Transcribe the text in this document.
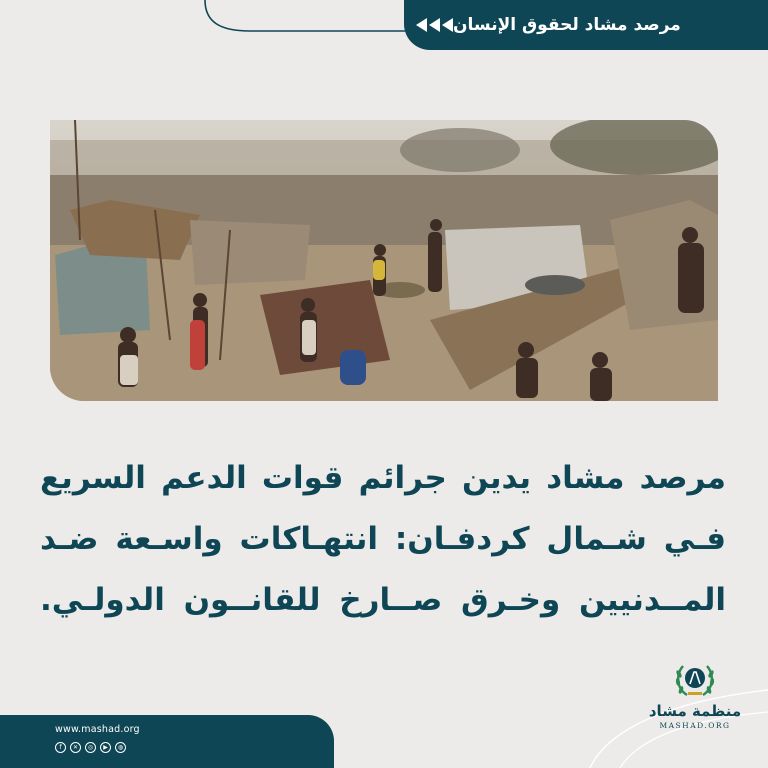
مرصد مشاد لحقوق الإنسان
مرصد مشاد يدين جرائم قوات الدعم السريع
فـي شـمال كردفـان: انتهـاكات واسـعة ضـد
المــدنيين وخـرق صــارخ للقانــون الدولـي.
www.mashad.org
f	✕	◎	▶	◍
منظمة مشاد
MASHAD.ORG
